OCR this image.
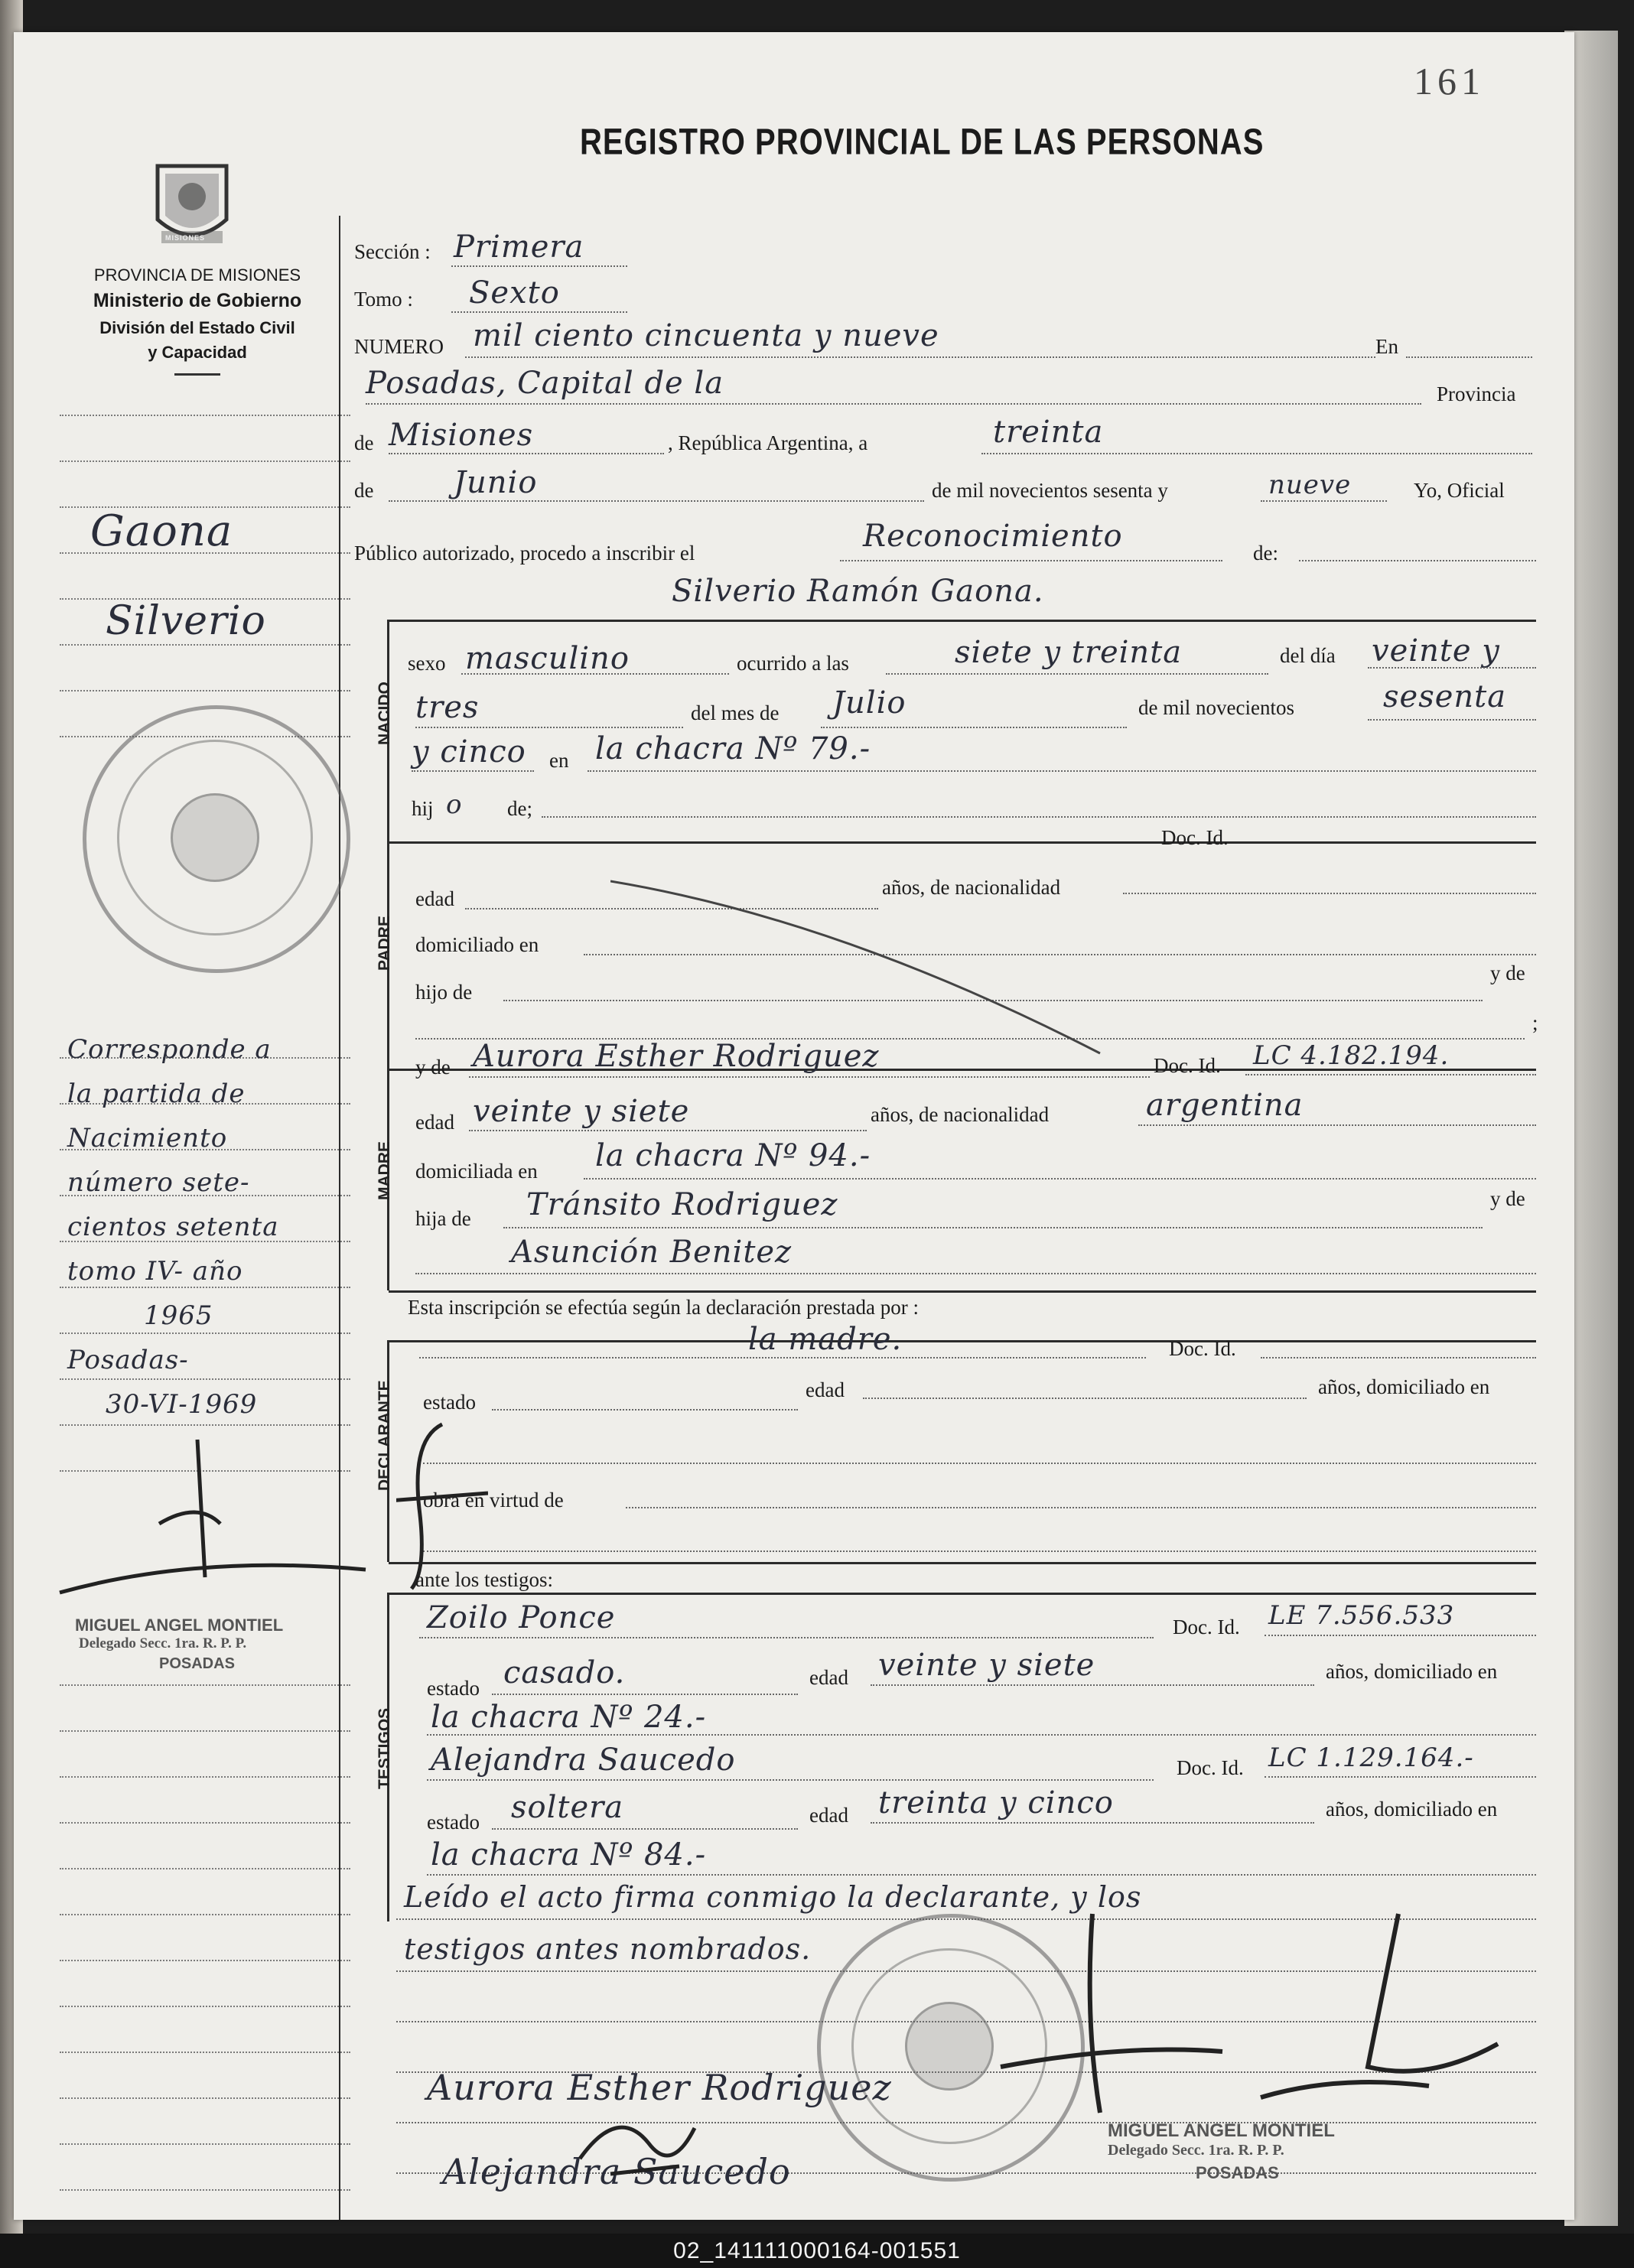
161
MISIONES
PROVINCIA DE MISIONES
Ministerio de Gobierno
División del Estado Civil
y Capacidad
REGISTRO PROVINCIAL DE LAS PERSONAS
Gaona
Silverio
Corresponde a
la partida de
Nacimiento
número sete-
cientos setenta
tomo IV- año
1965
Posadas-
30-VI-1969
MIGUEL ANGEL MONTIEL
Delegado Secc. 1ra. R. P. P.
POSADAS
Sección : Primera
Tomo : Sexto
NUMERO mil ciento cincuenta y nueve	En
Posadas, Capital de la	Provincia
de Misiones	, República Argentina, a	treinta
de	Junio	de mil novecientos sesenta y	nueve	Yo, Oficial
Público autorizado, procedo a inscribir el	Reconocimiento	de:
Silverio Ramón Gaona.
NACIDO
PADRE
MADRE
DECLARANTE
TESTIGOS
sexo masculino	ocurrido a las	siete y treinta	del día veinte y
tres	del mes de Julio	de mil novecientos	sesenta
y cinco en la chacra Nº 79.-
hij o de;
Doc. Id.
edad	años, de nacionalidad
domiciliado en
hijo de
y de
;
y de Aurora Esther Rodriguez	Doc. Id. LC 4.182.194.
edad veinte y siete	años, de nacionalidad	argentina
domiciliada en la chacra Nº 94.-
hija de Tránsito Rodriguez	y de
Asunción Benitez
Esta inscripción se efectúa según la declaración prestada por :
la madre.	Doc. Id.
estado
edad	años, domiciliado en
obra en virtud de
ante los testigos:
Zoilo Ponce	Doc. Id. LE 7.556.533
estado casado.	edad veinte y siete	años, domiciliado en
la chacra Nº 24.-
Alejandra Saucedo	Doc. Id. LC 1.129.164.-
estado soltera	edad treinta y cinco	años, domiciliado en
la chacra Nº 84.-
Leído el acto firma conmigo la declarante, y los
testigos antes nombrados.
Aurora Esther Rodriguez
Alejandra Saucedo
MIGUEL ANGEL MONTIEL
Delegado Secc. 1ra. R. P. P.
POSADAS
02_141111000164-001551
